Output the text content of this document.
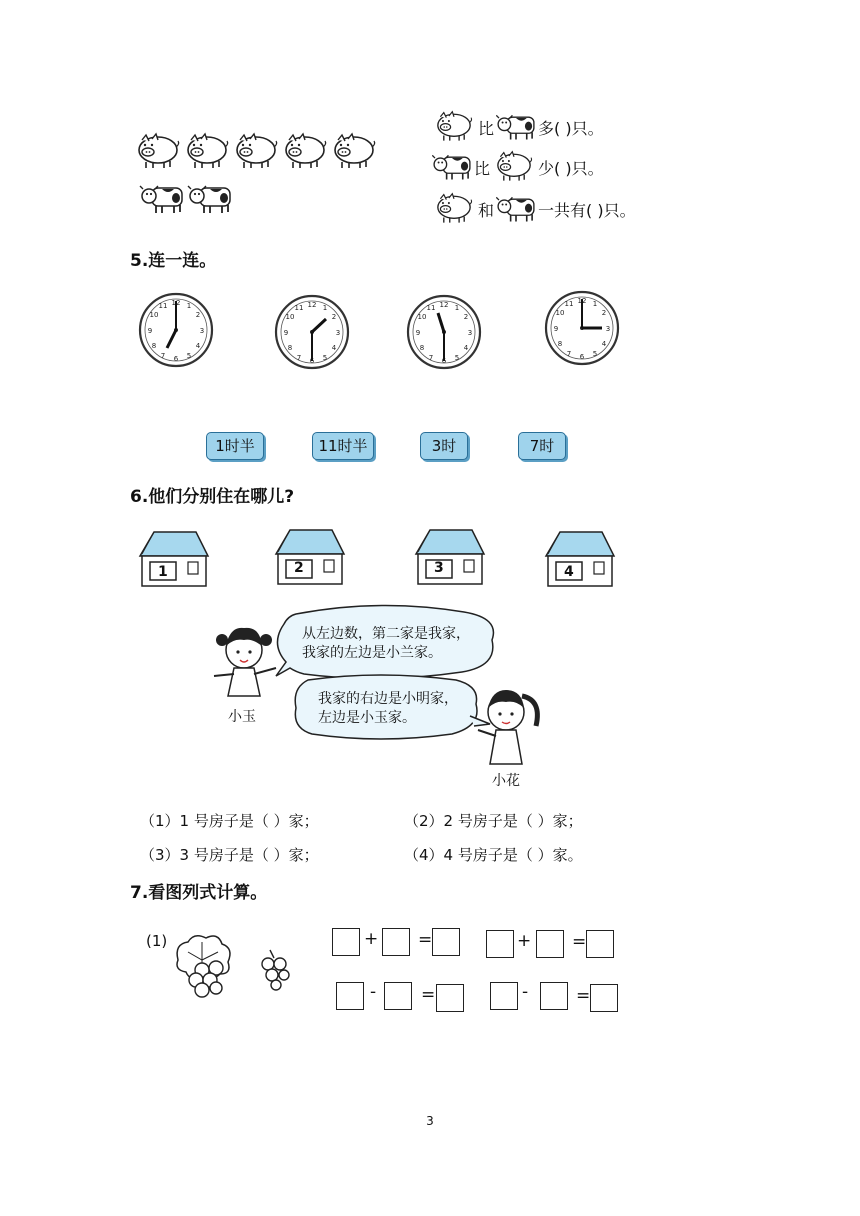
比	多( )只。
比	少( )只。
和	一共有( )只。
5.连一连。
1时半	11时半	3时	7时
6.他们分别住在哪儿?
1	2	3	4
从左边数，第二家是我家，
我家的左边是小兰家。
我家的右边是小明家，
左边是小玉家。
小玉
小花
（1）1 号房子是（ ）家；	（2）2 号房子是（ ）家；
（3）3 号房子是（ ）家；	（4）4 号房子是（ ）家。
7.看图列式计算。
(1)	+ =	+ =
-	=	-	=
3
